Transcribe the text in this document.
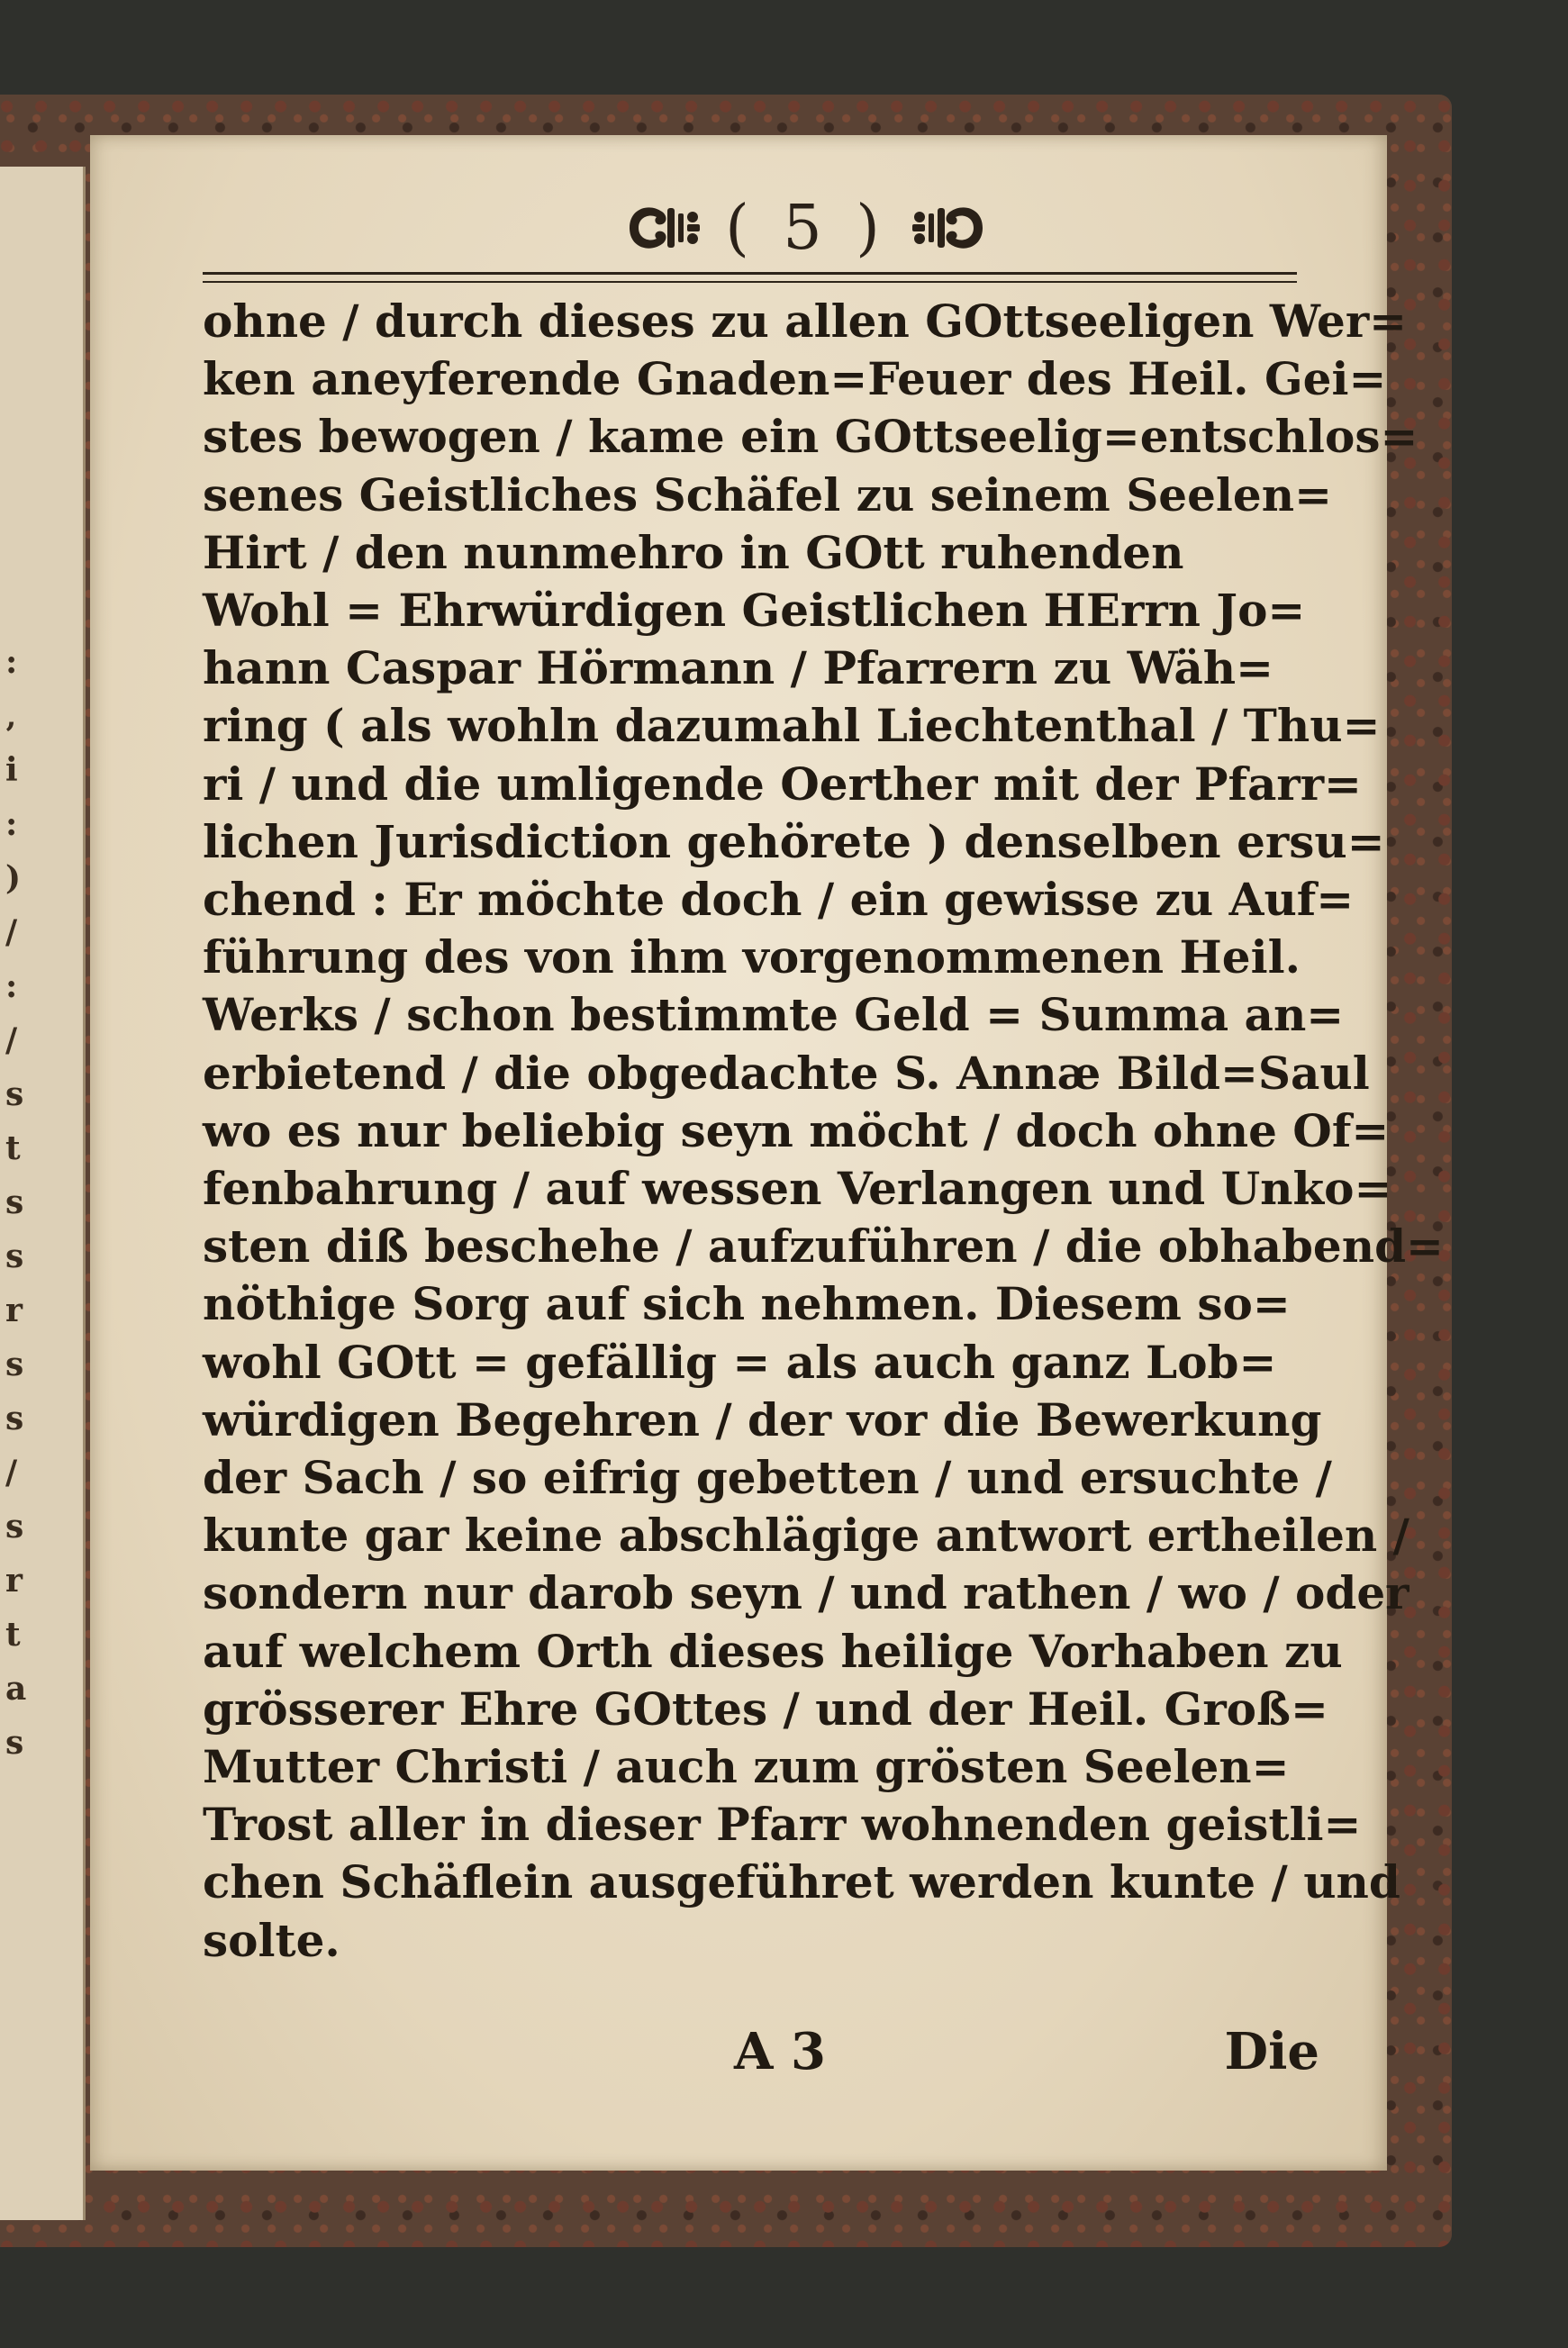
:
‚
i
:
)
/
:
/
s
t
s
s
r
s
s
/
s
r
t
a
s
( 5 )
ohne / durch dieses zu allen GOttseeligen Wer=
ken aneyferende Gnaden=Feuer des Heil. Gei=
stes bewogen / kame ein GOttseelig=entschlos=
senes Geistliches Schäfel zu seinem Seelen=
Hirt / den nunmehro in GOtt ruhenden
Wohl = Ehrwürdigen Geistlichen HErrn Jo=
hann Caspar Hörmann / Pfarrern zu Wäh=
ring ( als wohln dazumahl Liechtenthal / Thu=
ri / und die umligende Oerther mit der Pfarr=
lichen Jurisdiction gehörete ) denselben ersu=
chend : Er möchte doch / ein gewisse zu Auf=
führung des von ihm vorgenommenen Heil.
Werks / schon bestimmte Geld = Summa an=
erbietend / die obgedachte S. Annæ Bild=Saul
wo es nur beliebig seyn möcht / doch ohne Of=
fenbahrung / auf wessen Verlangen und Unko=
sten diß beschehe / aufzuführen / die obhabend=
nöthige Sorg auf sich nehmen. Diesem so=
wohl GOtt = gefällig = als auch ganz Lob=
würdigen Begehren / der vor die Bewerkung
der Sach / so eifrig gebetten / und ersuchte /
kunte gar keine abschlägige antwort ertheilen /
sondern nur darob seyn / und rathen / wo / oder
auf welchem Orth dieses heilige Vorhaben zu
grösserer Ehre GOttes / und der Heil. Groß=
Mutter Christi / auch zum grösten Seelen=
Trost aller in dieser Pfarr wohnenden geistli=
chen Schäflein ausgeführet werden kunte / und
solte.
A 3	Die
